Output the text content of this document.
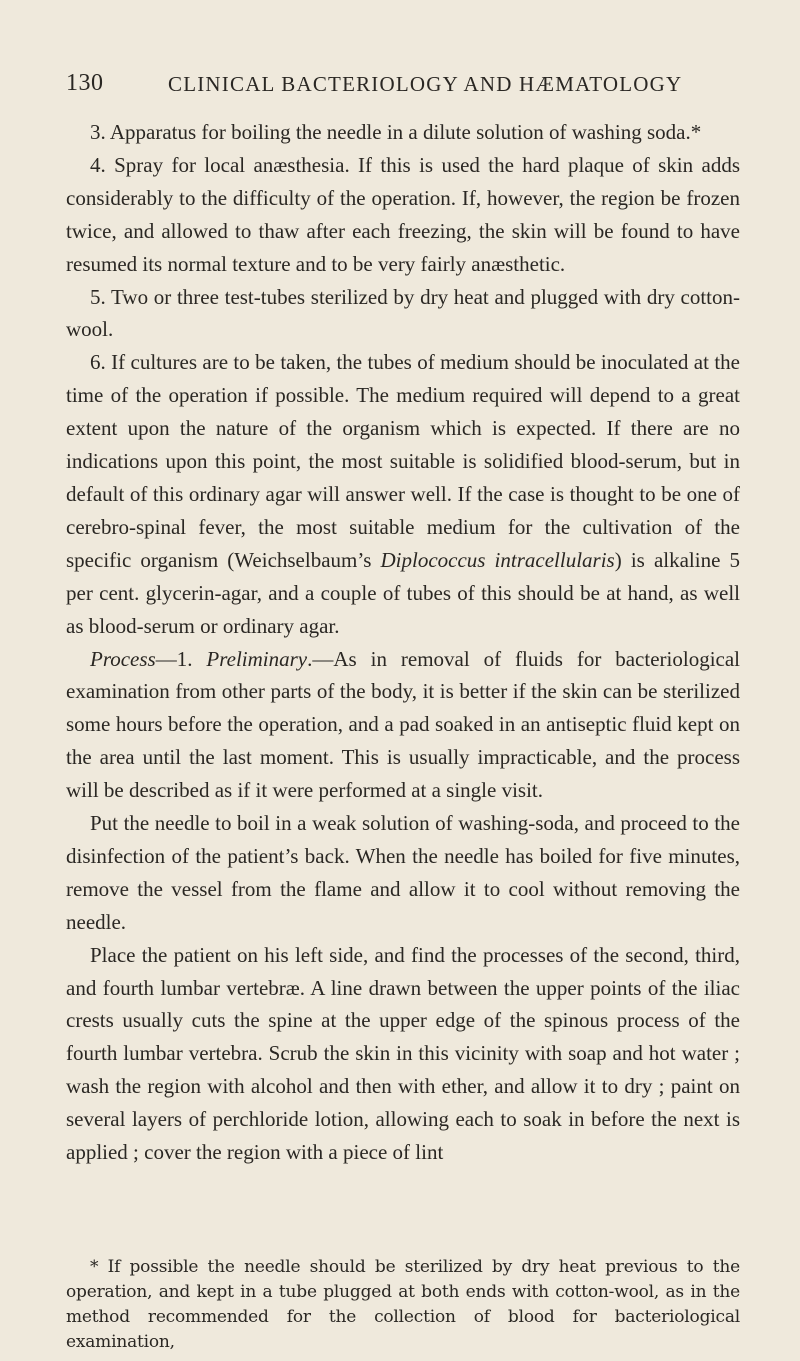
130	CLINICAL BACTERIOLOGY AND HÆMATOLOGY

3. Apparatus for boiling the needle in a dilute solution of washing soda.*

4. Spray for local anæsthesia. If this is used the hard plaque of skin adds considerably to the difficulty of the operation. If, however, the region be frozen twice, and allowed to thaw after each freezing, the skin will be found to have resumed its normal texture and to be very fairly anæsthetic.

5. Two or three test-tubes sterilized by dry heat and plugged with dry cotton-wool.

6. If cultures are to be taken, the tubes of medium should be inoculated at the time of the operation if possible. The medium required will depend to a great extent upon the nature of the organism which is expected. If there are no indications upon this point, the most suitable is solidified blood-serum, but in default of this ordinary agar will answer well. If the case is thought to be one of cerebro-spinal fever, the most suitable medium for the cultivation of the specific organism (Weichselbaum’s Diplococcus intracellularis) is alkaline 5 per cent. glycerin-agar, and a couple of tubes of this should be at hand, as well as blood-serum or ordinary agar.

Process—1. Preliminary.—As in removal of fluids for bacteriological examination from other parts of the body, it is better if the skin can be sterilized some hours before the operation, and a pad soaked in an antiseptic fluid kept on the area until the last moment. This is usually impracticable, and the process will be described as if it were performed at a single visit.

Put the needle to boil in a weak solution of washing-soda, and proceed to the disinfection of the patient’s back. When the needle has boiled for five minutes, remove the vessel from the flame and allow it to cool without removing the needle.

Place the patient on his left side, and find the processes of the second, third, and fourth lumbar vertebræ. A line drawn between the upper points of the iliac crests usually cuts the spine at the upper edge of the spinous process of the fourth lumbar vertebra. Scrub the skin in this vicinity with soap and hot water ; wash the region with alcohol and then with ether, and allow it to dry ; paint on several layers of perchloride lotion, allowing each to soak in before the next is applied ; cover the region with a piece of lint

* If possible the needle should be sterilized by dry heat previous to the operation, and kept in a tube plugged at both ends with cotton-wool, as in the method recommended for the collection of blood for bacteriological examination,
